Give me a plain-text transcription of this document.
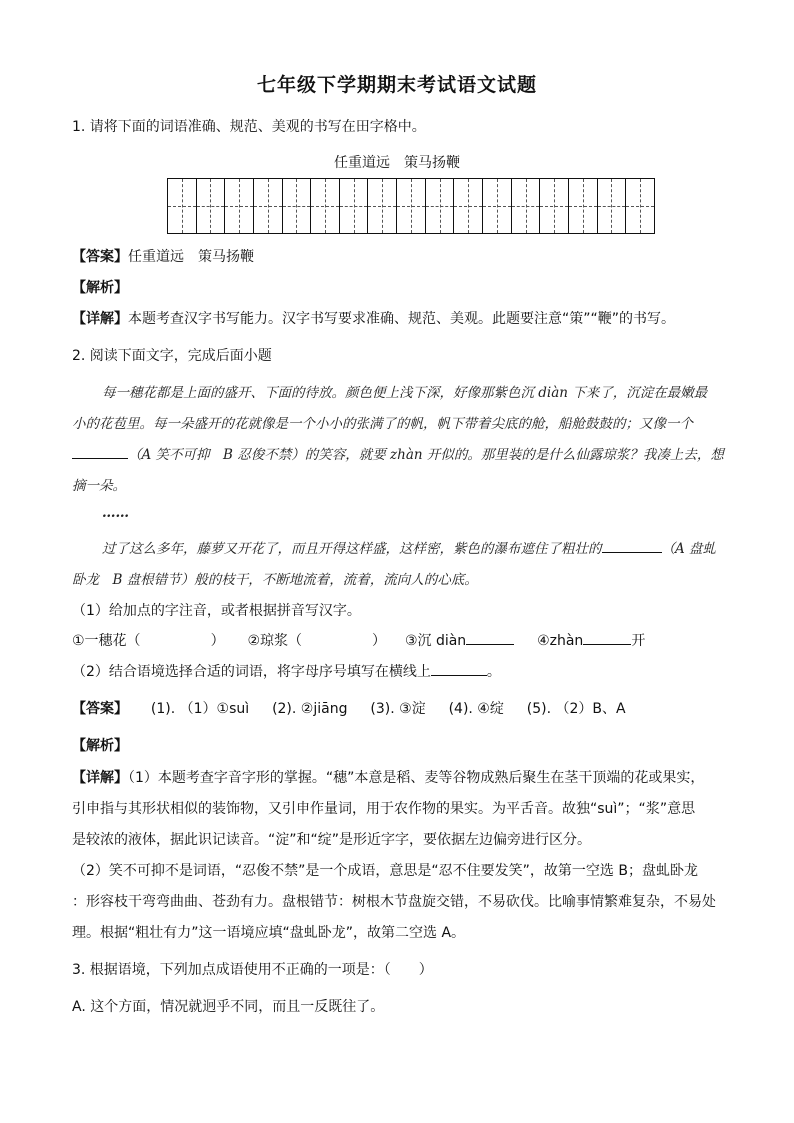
七年级下学期期末考试语文试题
1. 请将下面的词语准确、规范、美观的书写在田字格中。
任重道远　策马扬鞭
【答案】任重道远　策马扬鞭
【解析】
【详解】本题考查汉字书写能力。汉字书写要求准确、规范、美观。此题要注意“策”“鞭”的书写。
2. 阅读下面文字，完成后面小题
每一穗花都是上面的盛开、下面的待放。颜色便上浅下深，好像那紫色沉 diàn 下来了，沉淀在最嫩最
小的花苞里。每一朵盛开的花就像是一个小小的张满了的帆，帆下带着尖底的舱，船舱鼓鼓的；又像一个
（A 笑不可抑　B 忍俊不禁）的笑容，就要 zhàn 开似的。那里装的是什么仙露琼浆？我凑上去，想
摘一朵。
……
过了这么多年，藤萝又开花了，而且开得这样盛，这样密，紫色的瀑布遮住了粗壮的	（A 盘虬
卧龙　B 盘根错节）般的枝干，不断地流着，流着，流向人的心底。
（1）给加点的字注音，或者根据拼音写汉字。
①一穗花（	） ②琼浆（	） ③沉 diàn	④zhàn	开
（2）结合语境选择合适的词语，将字母序号填写在横线上	。
【答案】 (1). （1）①suì (2). ②jiāng (3). ③淀 (4). ④绽 (5). （2）B、A
【解析】
【详解】（1）本题考查字音字形的掌握。“穗”本意是稻、麦等谷物成熟后聚生在茎干顶端的花或果实，
引申指与其形状相似的装饰物，又引申作量词，用于农作物的果实。为平舌音。故独“suì”；“浆”意思
是较浓的液体，据此识记读音。“淀”和“绽”是形近字字，要依据左边偏旁进行区分。
（2）笑不可抑不是词语，“忍俊不禁”是一个成语，意思是“忍不住要发笑”，故第一空选 B；盘虬卧龙
：形容枝干弯弯曲曲、苍劲有力。盘根错节：树根木节盘旋交错，不易砍伐。比喻事情繁难复杂，不易处
理。根据“粗壮有力”这一语境应填“盘虬卧龙”，故第二空选 A。
3. 根据语境，下列加点成语使用不正确的一项是：（　　）
A. 这个方面，情况就迥乎不同，而且一反既往了。
